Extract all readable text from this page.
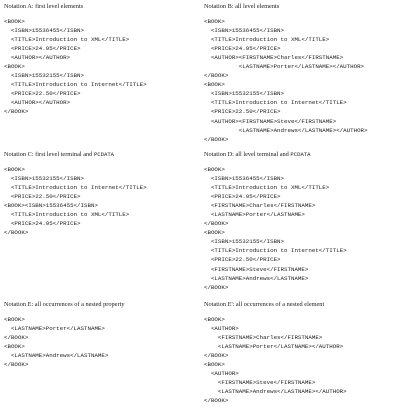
Notation A: first level elements

<BOOK>
<ISBN>15536455</ISBN>
<TITLE>Introduction to XML</TITLE>
<PRICE>24.95</PRICE>
<AUTHOR></AUTHOR>
<BOOK>
<ISBN>15532155</ISBN>
<TITLE>Introduction to Internet</TITLE>
<PRICE>22.50</PRICE>
<AUTHOR></AUTHOR>
</BOOK>

Notation B: all level elements

<BOOK>
<ISBN>15536455</ISBN>
<TITLE>Introduction to XML</TITLE>
<PRICE>24.95</PRICE>
<AUTHOR><FIRSTNAME>Charles</FIRSTNAME>
<LASTNAME>Porter</LASTNAME></AUTHOR>
</BOOK>
<BOOK>
<ISBN>15532155</ISBN>
<TITLE>Introduction to Internet</TITLE>
<PRICE>22.50</PRICE>
<AUTHOR><FIRSTNAME>Steve</FIRSTNAME>
<LASTNAME>Andrews</LASTNAME></AUTHOR>
</BOOK>

Notation C: first level terminal and PCDATA

<BOOK>
<ISBN>15532155</ISBN>
<TITLE>Introduction to Internet</TITLE>
<PRICE>22.50</PRICE>
<BOOK><ISBN>15536455</ISBN>
<TITLE>Introduction to XML</TITLE>
<PRICE>24.95</PRICE>
</BOOK>

Notation D: all level terminal and PCDATA

<BOOK>
<ISBN>15536455</ISBN>
<TITLE>Introduction to XML</TITLE>
<PRICE>24.95</PRICE>
<FIRSTNAME>Charles</FIRSTNAME>
<LASTNAME>Porter</LASTNAME>
</BOOK>
<BOOK>
<ISBN>15532155</ISBN>
<TITLE>Introduction to Internet</TITLE>
<PRICE>22.50</PRICE>
<FIRSTNAME>Steve</FIRSTNAME>
<LASTNAME>Andrews</LASTNAME>
</BOOK>

Notation E: all occurrences of a nested property

<BOOK>
<LASTNAME>Porter</LASTNAME>
</BOOK>
<BOOK>
<LASTNAME>Andrews</LASTNAME>
</BOOK>

Notation E': all occurrences of a nested element

<BOOK>
<AUTHOR>
<FIRSTNAME>Charles</FIRSTNAME>
<LASTNAME>Porter</LASTNAME></AUTHOR>
</BOOK>
<BOOK>
<AUTHOR>
<FIRSTNAME>Steve</FIRSTNAME>
<LASTNAME>Andrews</LASTNAME></AUTHOR>
</BOOK>
